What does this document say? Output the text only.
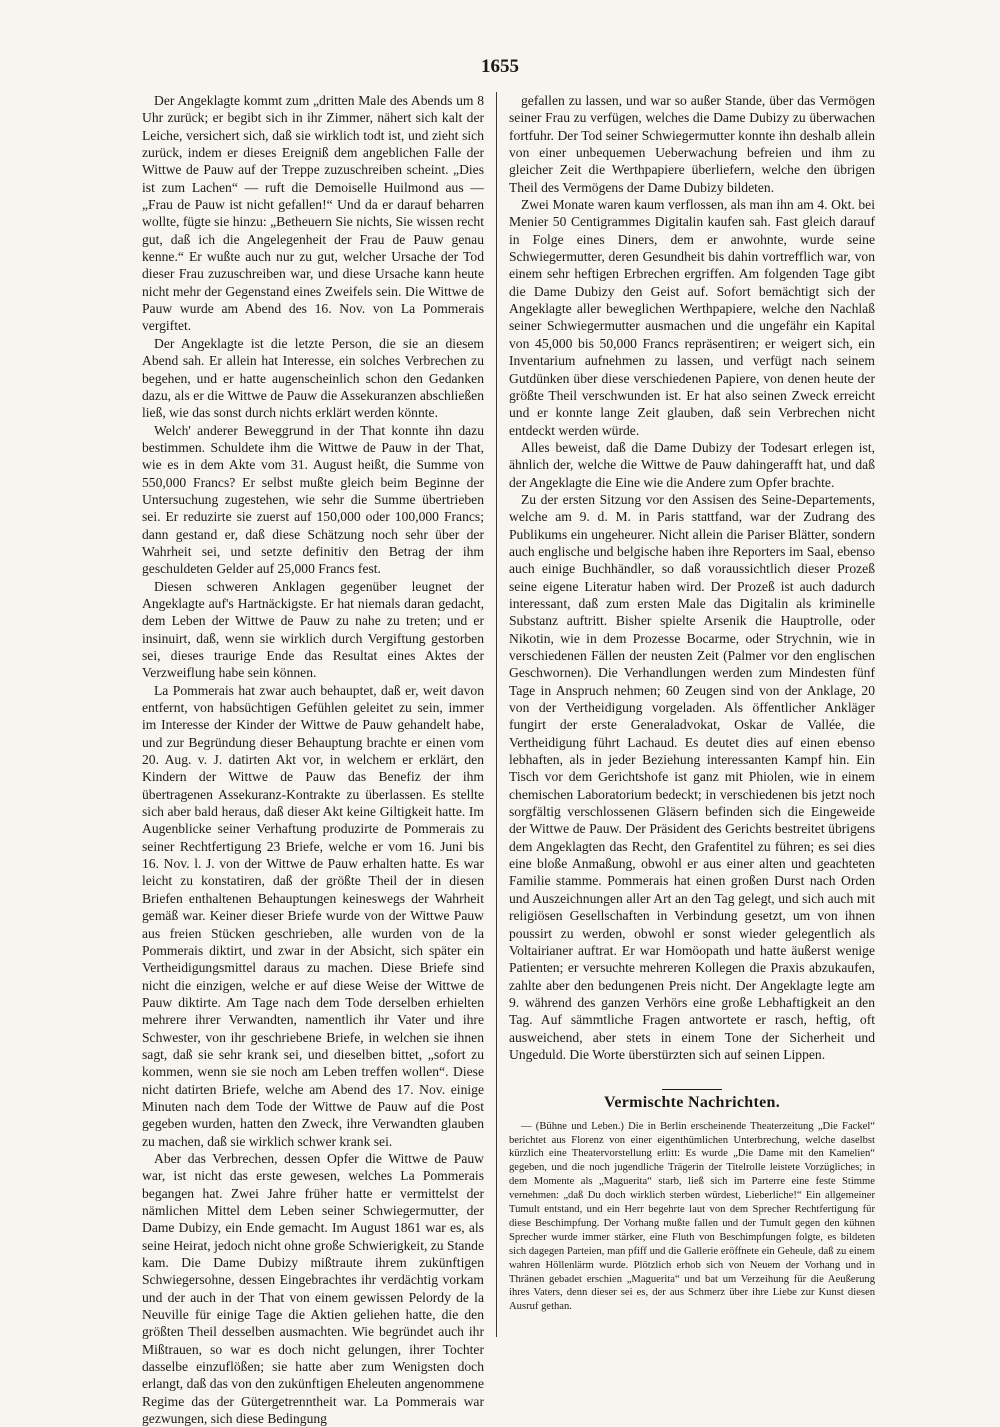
1655

Der Angeklagte kommt zum „dritten Male des Abends um 8 Uhr zurück; er begibt sich in ihr Zimmer, nähert sich kalt der Leiche, versichert sich, daß sie wirklich todt ist, und zieht sich zurück, indem er dieses Ereigniß dem angeblichen Falle der Wittwe de Pauw auf der Treppe zuzuschreiben scheint. „Dies ist zum Lachen“ — ruft die Demoiselle Huilmond aus — „Frau de Pauw ist nicht gefallen!“ Und da er darauf beharren wollte, fügte sie hinzu: „Betheuern Sie nichts, Sie wissen recht gut, daß ich die Angelegenheit der Frau de Pauw genau kenne.“ Er wußte auch nur zu gut, welcher Ursache der Tod dieser Frau zuzuschreiben war, und diese Ursache kann heute nicht mehr der Gegenstand eines Zweifels sein. Die Wittwe de Pauw wurde am Abend des 16. Nov. von La Pommerais vergiftet.

Der Angeklagte ist die letzte Person, die sie an diesem Abend sah. Er allein hat Interesse, ein solches Verbrechen zu begehen, und er hatte augenscheinlich schon den Gedanken dazu, als er die Wittwe de Pauw die Assekuranzen abschließen ließ, wie das sonst durch nichts erklärt werden könnte.

Welch' anderer Beweggrund in der That konnte ihn dazu bestimmen. Schuldete ihm die Wittwe de Pauw in der That, wie es in dem Akte vom 31. August heißt, die Summe von 550,000 Francs? Er selbst mußte gleich beim Beginne der Untersuchung zugestehen, wie sehr die Summe übertrieben sei. Er reduzirte sie zuerst auf 150,000 oder 100,000 Francs; dann gestand er, daß diese Schätzung noch sehr über der Wahrheit sei, und setzte definitiv den Betrag der ihm geschuldeten Gelder auf 25,000 Francs fest.

Diesen schweren Anklagen gegenüber leugnet der Angeklagte auf's Hartnäckigste. Er hat niemals daran gedacht, dem Leben der Wittwe de Pauw zu nahe zu treten; und er insinuirt, daß, wenn sie wirklich durch Vergiftung gestorben sei, dieses traurige Ende das Resultat eines Aktes der Verzweiflung habe sein können.

La Pommerais hat zwar auch behauptet, daß er, weit davon entfernt, von habsüchtigen Gefühlen geleitet zu sein, immer im Interesse der Kinder der Wittwe de Pauw gehandelt habe, und zur Begründung dieser Behauptung brachte er einen vom 20. Aug. v. J. datirten Akt vor, in welchem er erklärt, den Kindern der Wittwe de Pauw das Benefiz der ihm übertragenen Assekuranz-Kontrakte zu überlassen. Es stellte sich aber bald heraus, daß dieser Akt keine Giltigkeit hatte. Im Augenblicke seiner Verhaftung produzirte de Pommerais zu seiner Rechtfertigung 23 Briefe, welche er vom 16. Juni bis 16. Nov. l. J. von der Wittwe de Pauw erhalten hatte. Es war leicht zu konstatiren, daß der größte Theil der in diesen Briefen enthaltenen Behauptungen keineswegs der Wahrheit gemäß war. Keiner dieser Briefe wurde von der Wittwe Pauw aus freien Stücken geschrieben, alle wurden von de la Pommerais diktirt, und zwar in der Absicht, sich später ein Vertheidigungsmittel daraus zu machen. Diese Briefe sind nicht die einzigen, welche er auf diese Weise der Wittwe de Pauw diktirte. Am Tage nach dem Tode derselben erhielten mehrere ihrer Verwandten, namentlich ihr Vater und ihre Schwester, von ihr geschriebene Briefe, in welchen sie ihnen sagt, daß sie sehr krank sei, und dieselben bittet, „sofort zu kommen, wenn sie sie noch am Leben treffen wollen“. Diese nicht datirten Briefe, welche am Abend des 17. Nov. einige Minuten nach dem Tode der Wittwe de Pauw auf die Post gegeben wurden, hatten den Zweck, ihre Verwandten glauben zu machen, daß sie wirklich schwer krank sei.

Aber das Verbrechen, dessen Opfer die Wittwe de Pauw war, ist nicht das erste gewesen, welches La Pommerais begangen hat. Zwei Jahre früher hatte er vermittelst der nämlichen Mittel dem Leben seiner Schwiegermutter, der Dame Dubizy, ein Ende gemacht. Im August 1861 war es, als seine Heirat, jedoch nicht ohne große Schwierigkeit, zu Stande kam. Die Dame Dubizy mißtraute ihrem zukünftigen Schwiegersohne, dessen Eingebrachtes ihr verdächtig vorkam und der auch in der That von einem gewissen Pelordy de la Neuville für einige Tage die Aktien geliehen hatte, die den größten Theil desselben ausmachten. Wie begründet auch ihr Mißtrauen, so war es doch nicht gelungen, ihrer Tochter dasselbe einzuflößen; sie hatte aber zum Wenigsten doch erlangt, daß das von den zukünftigen Eheleuten angenommene Regime das der Gütergetrenntheit war. La Pommerais war gezwungen, sich diese Bedingung

gefallen zu lassen, und war so außer Stande, über das Vermögen seiner Frau zu verfügen, welches die Dame Dubizy zu überwachen fortfuhr. Der Tod seiner Schwiegermutter konnte ihn deshalb allein von einer unbequemen Ueberwachung befreien und ihm zu gleicher Zeit die Werthpapiere überliefern, welche den übrigen Theil des Vermögens der Dame Dubizy bildeten.

Zwei Monate waren kaum verflossen, als man ihn am 4. Okt. bei Menier 50 Centigrammes Digitalin kaufen sah. Fast gleich darauf in Folge eines Diners, dem er anwohnte, wurde seine Schwiegermutter, deren Gesundheit bis dahin vortrefflich war, von einem sehr heftigen Erbrechen ergriffen. Am folgenden Tage gibt die Dame Dubizy den Geist auf. Sofort bemächtigt sich der Angeklagte aller beweglichen Werthpapiere, welche den Nachlaß seiner Schwiegermutter ausmachen und die ungefähr ein Kapital von 45,000 bis 50,000 Francs repräsentiren; er weigert sich, ein Inventarium aufnehmen zu lassen, und verfügt nach seinem Gutdünken über diese verschiedenen Papiere, von denen heute der größte Theil verschwunden ist. Er hat also seinen Zweck erreicht und er konnte lange Zeit glauben, daß sein Verbrechen nicht entdeckt werden würde.

Alles beweist, daß die Dame Dubizy der Todesart erlegen ist, ähnlich der, welche die Wittwe de Pauw dahingerafft hat, und daß der Angeklagte die Eine wie die Andere zum Opfer brachte.

Zu der ersten Sitzung vor den Assisen des Seine-Departements, welche am 9. d. M. in Paris stattfand, war der Zudrang des Publikums ein ungeheurer. Nicht allein die Pariser Blätter, sondern auch englische und belgische haben ihre Reporters im Saal, ebenso auch einige Buchhändler, so daß voraussichtlich dieser Prozeß seine eigene Literatur haben wird. Der Prozeß ist auch dadurch interessant, daß zum ersten Male das Digitalin als kriminelle Substanz auftritt. Bisher spielte Arsenik die Hauptrolle, oder Nikotin, wie in dem Prozesse Bocarme, oder Strychnin, wie in verschiedenen Fällen der neusten Zeit (Palmer vor den englischen Geschwornen). Die Verhandlungen werden zum Mindesten fünf Tage in Anspruch nehmen; 60 Zeugen sind von der Anklage, 20 von der Vertheidigung vorgeladen. Als öffentlicher Ankläger fungirt der erste Generaladvokat, Oskar de Vallée, die Vertheidigung führt Lachaud. Es deutet dies auf einen ebenso lebhaften, als in jeder Beziehung interessanten Kampf hin. Ein Tisch vor dem Gerichtshofe ist ganz mit Phiolen, wie in einem chemischen Laboratorium bedeckt; in verschiedenen bis jetzt noch sorgfältig verschlossenen Gläsern befinden sich die Eingeweide der Wittwe de Pauw. Der Präsident des Gerichts bestreitet übrigens dem Angeklagten das Recht, den Grafentitel zu führen; es sei dies eine bloße Anmaßung, obwohl er aus einer alten und geachteten Familie stamme. Pommerais hat einen großen Durst nach Orden und Auszeichnungen aller Art an den Tag gelegt, und sich auch mit religiösen Gesellschaften in Verbindung gesetzt, um von ihnen poussirt zu werden, obwohl er sonst wieder gelegentlich als Voltairianer auftrat. Er war Homöopath und hatte äußerst wenige Patienten; er versuchte mehreren Kollegen die Praxis abzukaufen, zahlte aber den bedungenen Preis nicht. Der Angeklagte legte am 9. während des ganzen Verhörs eine große Lebhaftigkeit an den Tag. Auf sämmtliche Fragen antwortete er rasch, heftig, oft ausweichend, aber stets in einem Tone der Sicherheit und Ungeduld. Die Worte überstürzten sich auf seinen Lippen.

Vermischte Nachrichten.

— (Bühne und Leben.) Die in Berlin erscheinende Theaterzeitung „Die Fackel“ berichtet aus Florenz von einer eigenthümlichen Unterbrechung, welche daselbst kürzlich eine Theatervorstellung erlitt: Es wurde „Die Dame mit den Kamelien“ gegeben, und die noch jugendliche Trägerin der Titelrolle leistete Vorzügliches; in dem Momente als „Maguerita“ starb, ließ sich im Parterre eine feste Stimme vernehmen: „daß Du doch wirklich sterben würdest, Lieberliche!“ Ein allgemeiner Tumult entstand, und ein Herr begehrte laut von dem Sprecher Rechtfertigung für diese Beschimpfung. Der Vorhang mußte fallen und der Tumult gegen den kühnen Sprecher wurde immer stärker, eine Fluth von Beschimpfungen folgte, es bildeten sich dagegen Parteien, man pfiff und die Gallerie eröffnete ein Geheule, daß zu einem wahren Höllenlärm wurde. Plötzlich erhob sich von Neuem der Vorhang und in Thränen gebadet erschien „Maguerita“ und bat um Verzeihung für die Aeußerung ihres Vaters, denn dieser sei es, der aus Schmerz über ihre Liebe zur Kunst diesen Ausruf gethan.
